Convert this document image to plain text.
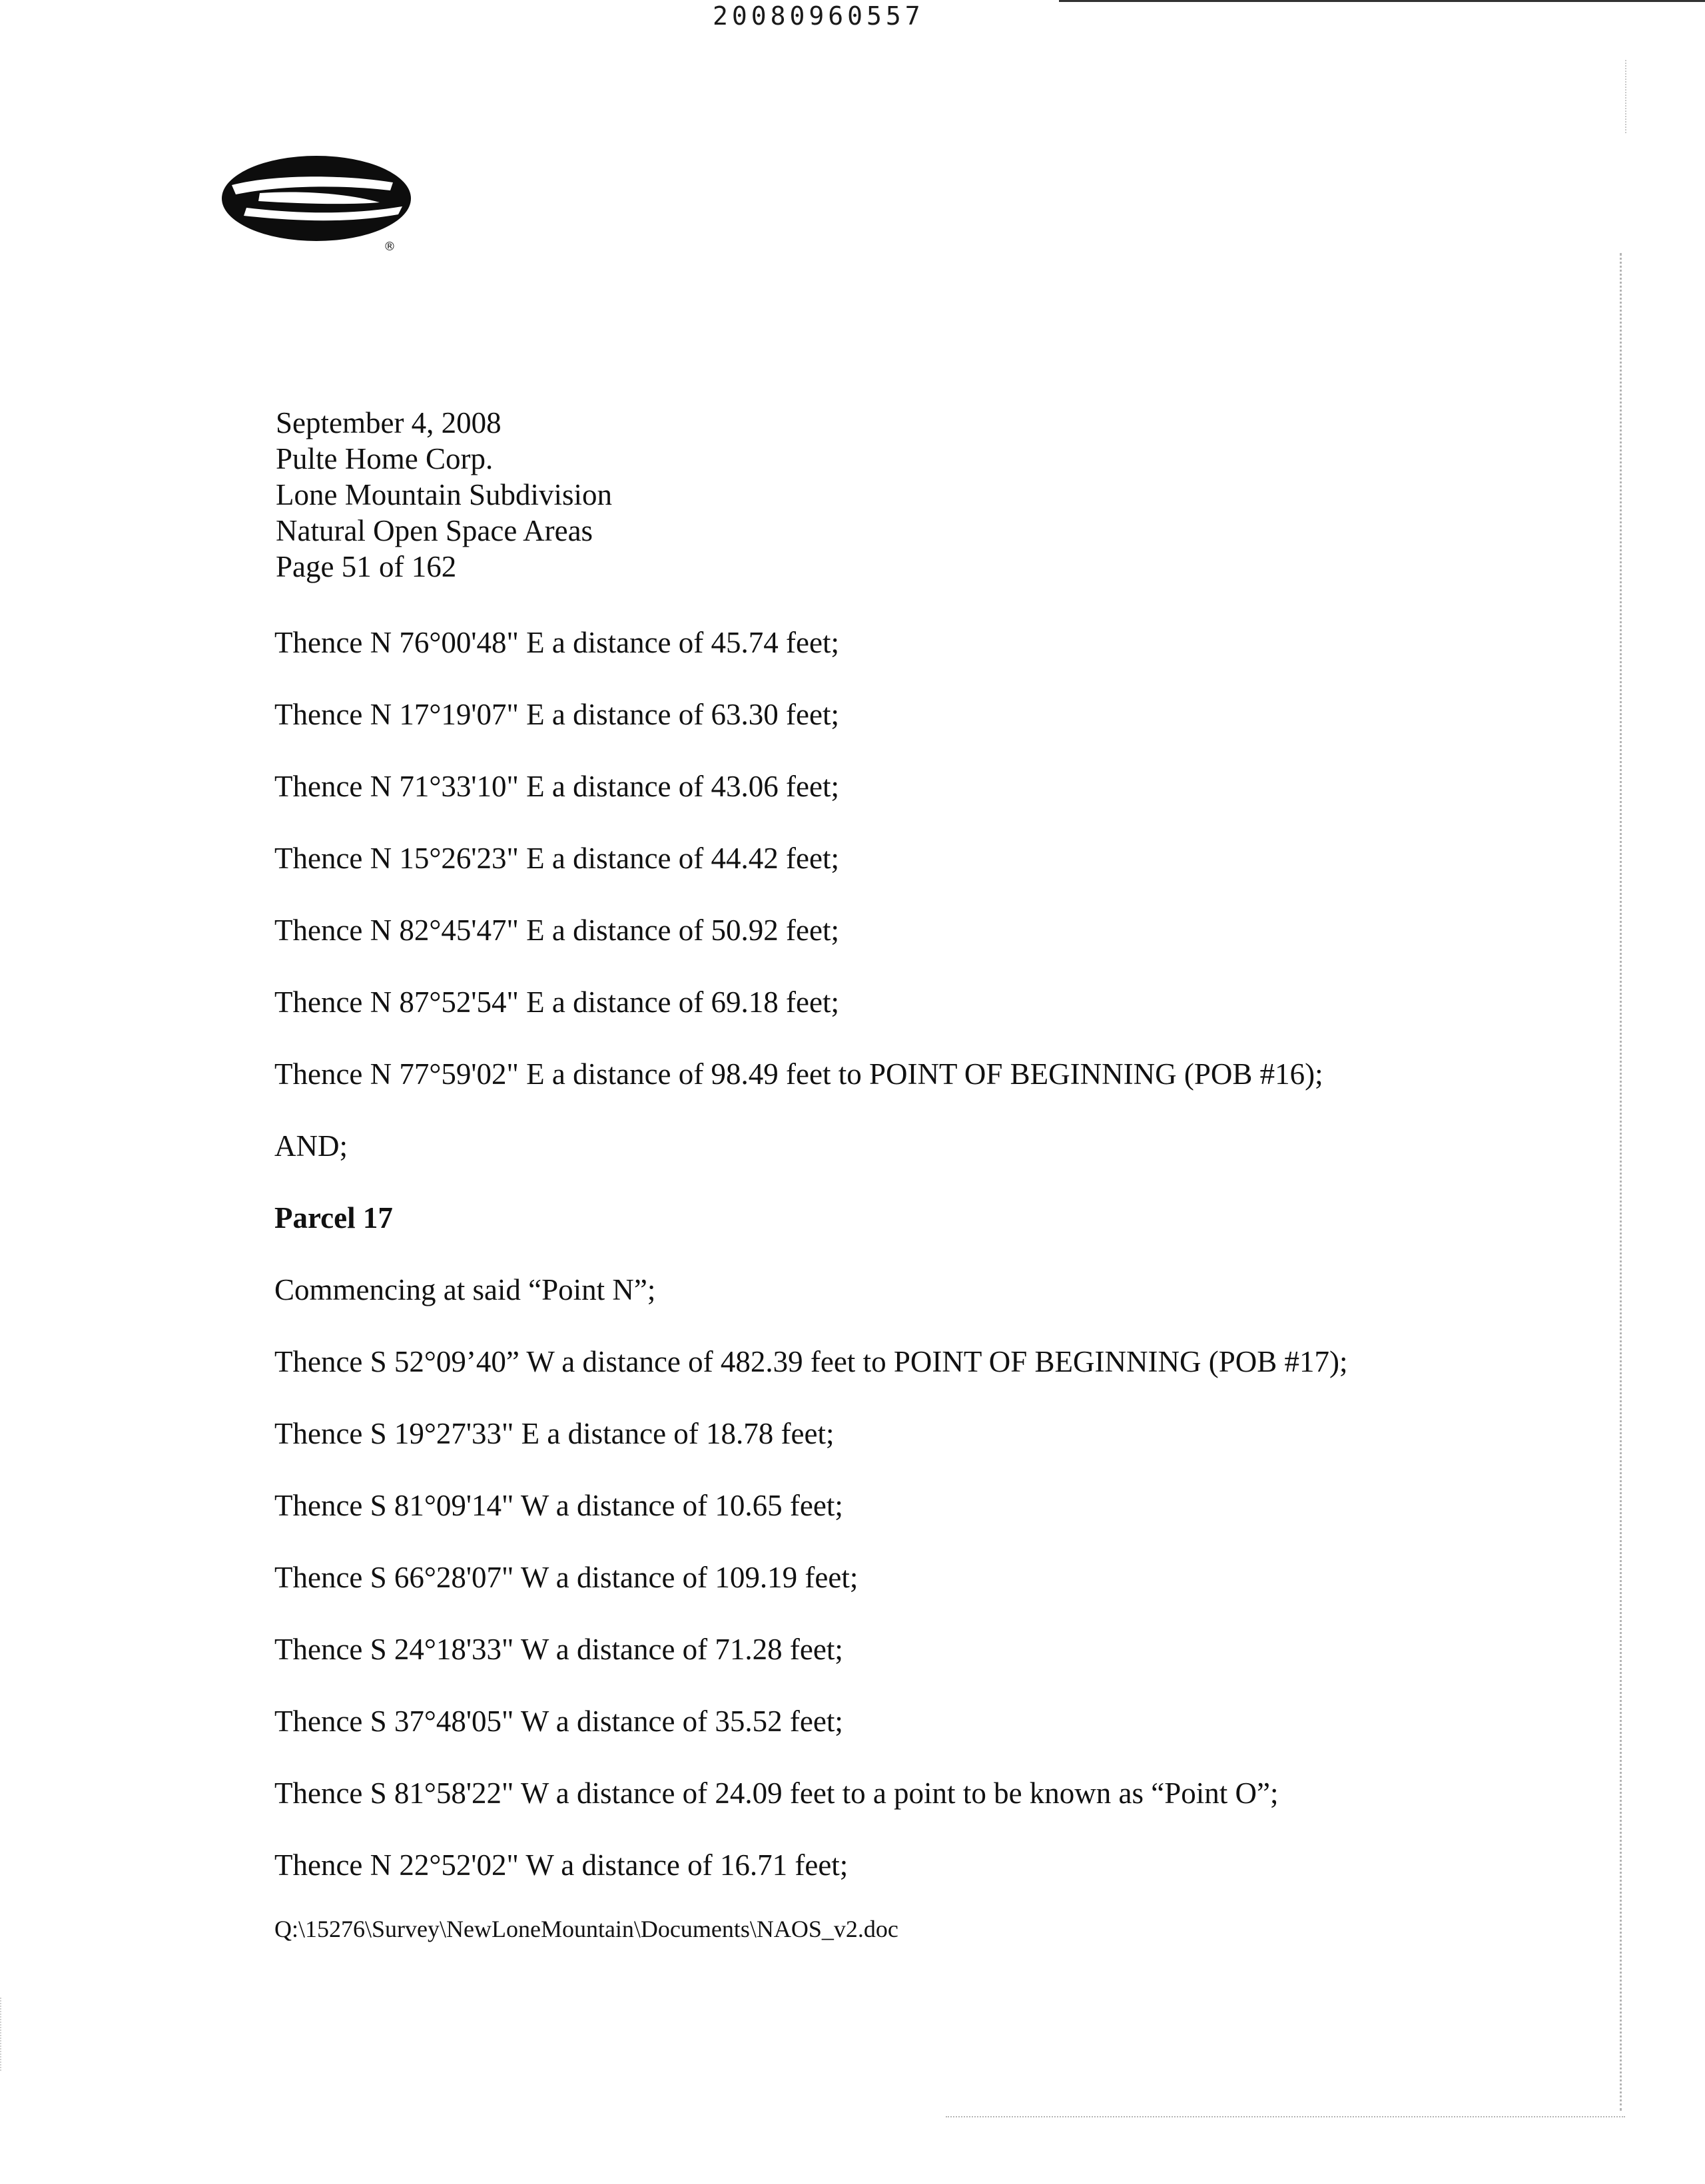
20080960557
®
September 4, 2008
Pulte Home Corp.
Lone Mountain Subdivision
Natural Open Space Areas
Page 51 of 162
Thence N 76°00'48" E a distance of 45.74 feet;
Thence N 17°19'07" E a distance of 63.30 feet;
Thence N 71°33'10" E a distance of 43.06 feet;
Thence N 15°26'23" E a distance of 44.42 feet;
Thence N 82°45'47" E a distance of 50.92 feet;
Thence N 87°52'54" E a distance of 69.18 feet;
Thence N 77°59'02" E a distance of 98.49 feet to POINT OF BEGINNING (POB #16);
AND;
Parcel 17
Commencing at said “Point N”;
Thence S 52°09’40” W a distance of 482.39 feet to POINT OF BEGINNING (POB #17);
Thence S 19°27'33" E a distance of 18.78 feet;
Thence S 81°09'14" W a distance of 10.65 feet;
Thence S 66°28'07" W a distance of 109.19 feet;
Thence S 24°18'33" W a distance of 71.28 feet;
Thence S 37°48'05" W a distance of 35.52 feet;
Thence S 81°58'22" W a distance of 24.09 feet to a point to be known as “Point O”;
Thence N 22°52'02" W a distance of 16.71 feet;
Q:\15276\Survey\NewLoneMountain\Documents\NAOS_v2.doc
